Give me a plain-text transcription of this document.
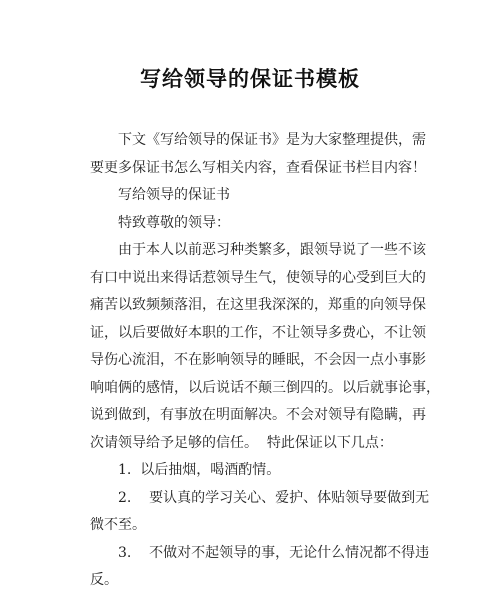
写给领导的保证书模板
下文《写给领导的保证书》是为大家整理提供，需
要更多保证书怎么写相关内容，查看保证书栏目内容！
写给领导的保证书
特致尊敬的领导：
由于本人以前恶习种类繁多，跟领导说了一些不该
有口中说出来得话惹领导生气，使领导的心受到巨大的
痛苦以致频频落泪，在这里我深深的，郑重的向领导保
证，以后要做好本职的工作，不让领导多费心，不让领
导伤心流泪，不在影响领导的睡眠，不会因一点小事影
响咱俩的感情，以后说话不颠三倒四的。以后就事论事，
说到做到，有事放在明面解决。不会对领导有隐瞒，再
次请领导给予足够的信任。  特此保证以下几点：
1.  以后抽烟，喝酒酌情。
2.    要认真的学习关心、爱护、体贴领导要做到无
微不至。
3.    不做对不起领导的事，无论什么情况都不得违
反。
